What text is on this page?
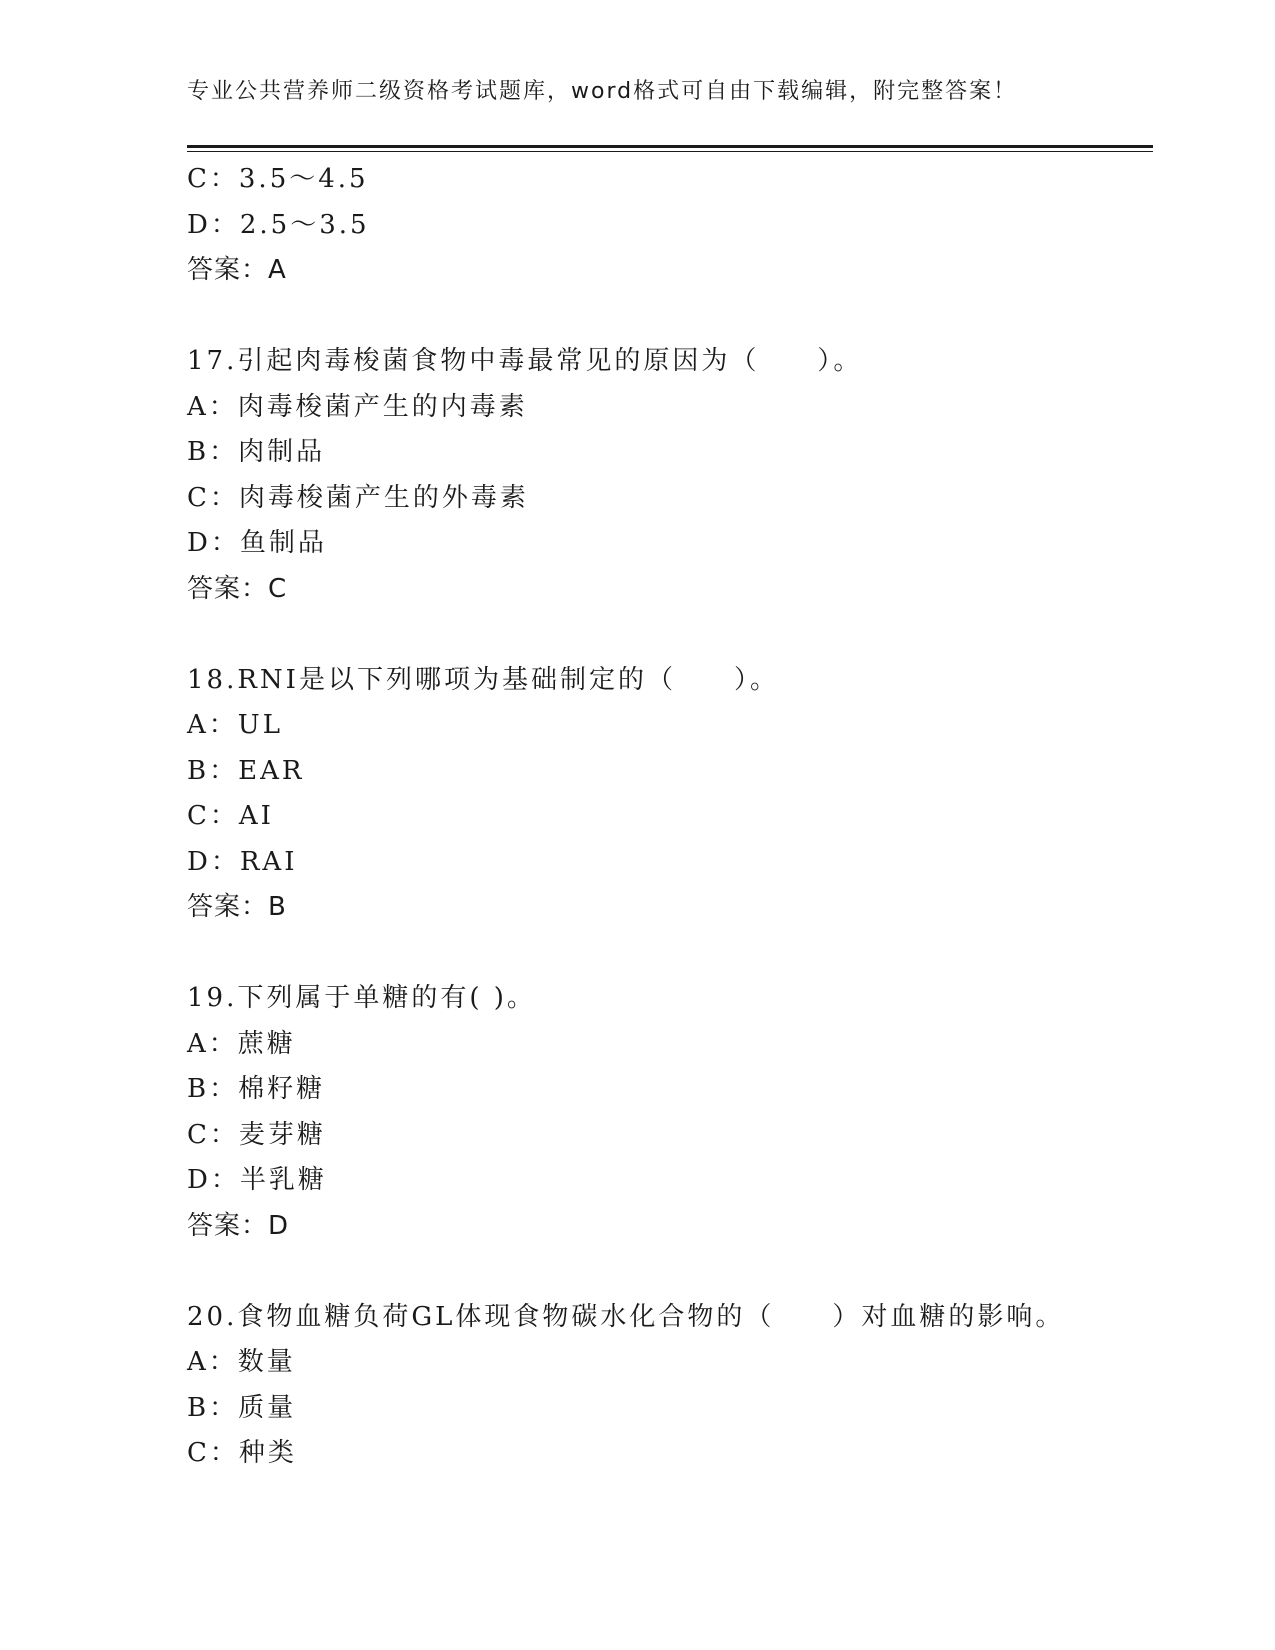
专业公共营养师二级资格考试题库，word格式可自由下载编辑，附完整答案！
C：3.5～4.5
D：2.5～3.5
答案：A
17.引起肉毒梭菌食物中毒最常见的原因为（　　）。
A：肉毒梭菌产生的内毒素
B：肉制品
C：肉毒梭菌产生的外毒素
D：鱼制品
答案：C
18.RNI是以下列哪项为基础制定的（　　）。
A：UL
B：EAR
C：AI
D：RAI
答案：B
19.下列属于单糖的有( )。
A：蔗糖
B：棉籽糖
C：麦芽糖
D：半乳糖
答案：D
20.食物血糖负荷GL体现食物碳水化合物的（　　）对血糖的影响。
A：数量
B：质量
C：种类
